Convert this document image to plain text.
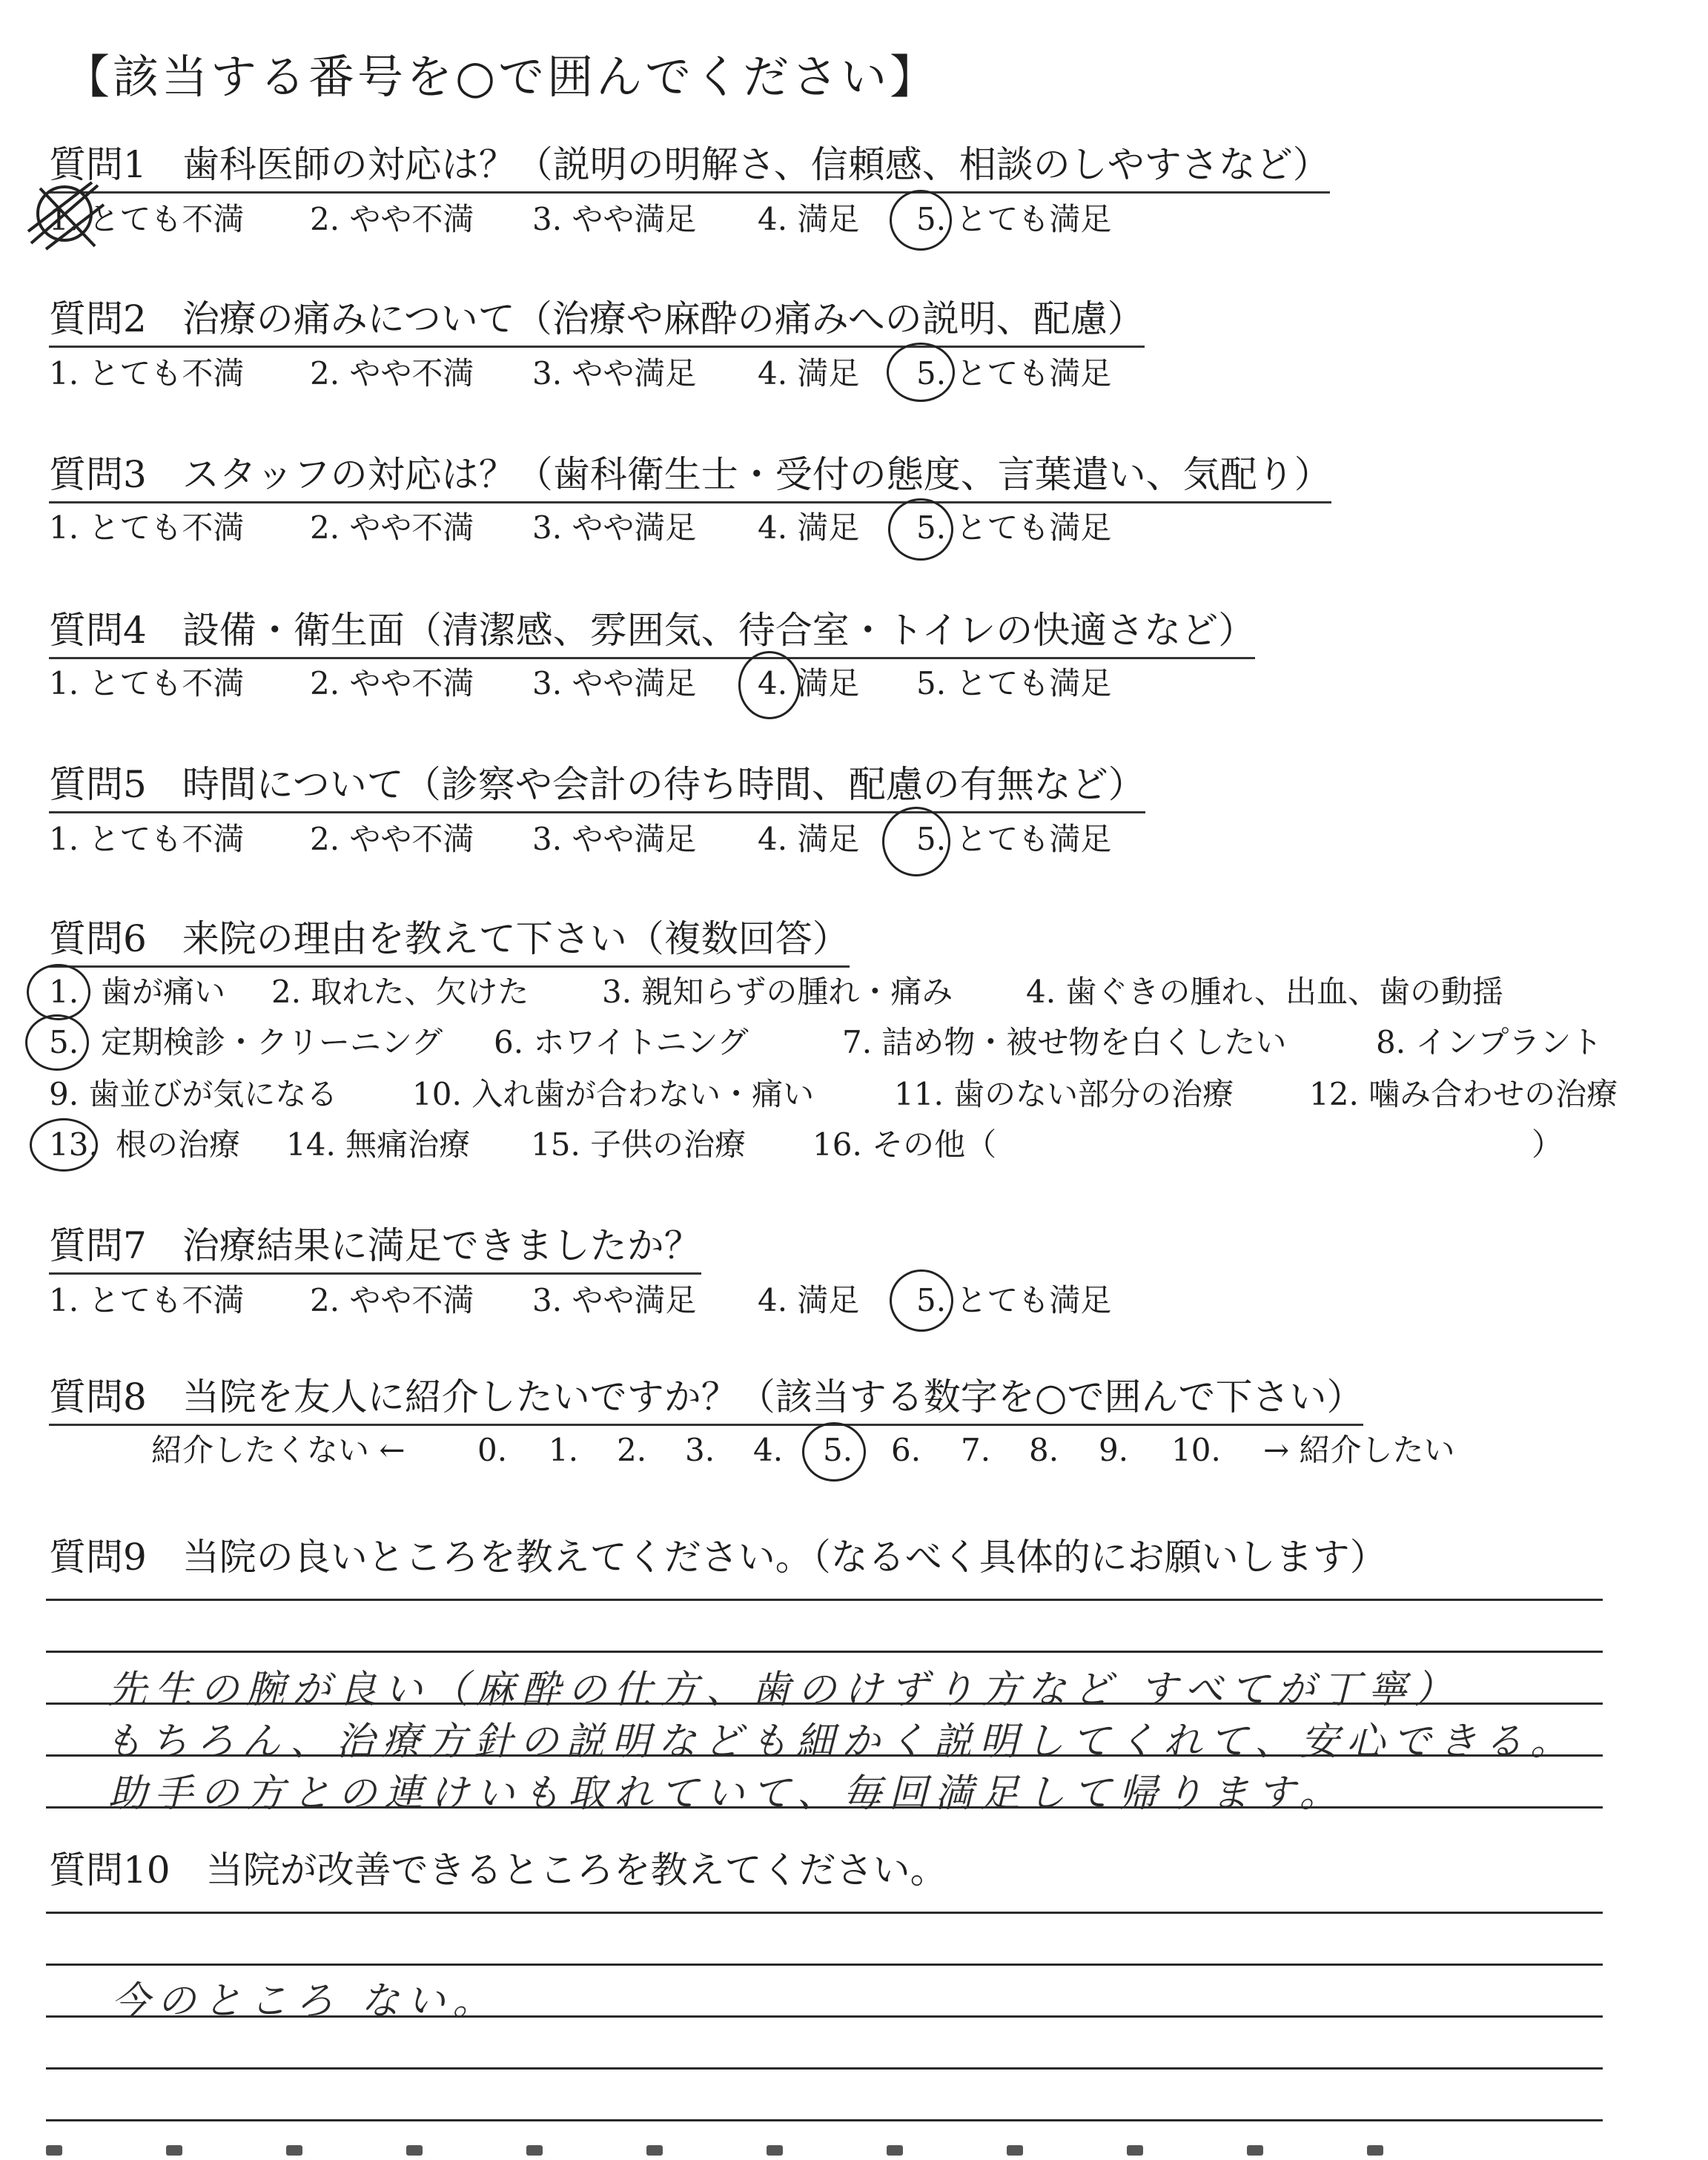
【該当する番号を○で囲んでください】
質問1 歯科医師の対応は？（説明の明解さ、信頼感、相談のしやすさなど）
1. とても不満 2. やや不満 3. やや満足 4. 満足 5. とても満足
質問2 治療の痛みについて（治療や麻酔の痛みへの説明、配慮）
1. とても不満 2. やや不満 3. やや満足 4. 満足 5. とても満足
質問3 スタッフの対応は？（歯科衛生士・受付の態度、言葉遣い、気配り）
1. とても不満 2. やや不満 3. やや満足 4. 満足 5. とても満足
質問4 設備・衛生面（清潔感、雰囲気、待合室・トイレの快適さなど）
1. とても不満 2. やや不満 3. やや満足 4. 満足 5. とても満足
質問5 時間について（診察や会計の待ち時間、配慮の有無など）
1. とても不満 2. やや不満 3. やや満足 4. 満足 5. とても満足
質問6 来院の理由を教えて下さい（複数回答）
1. 歯が痛い 2. 取れた、欠けた 3. 親知らずの腫れ・痛み 4. 歯ぐきの腫れ、出血、歯の動揺
5. 定期検診・クリーニング 6. ホワイトニング	7. 詰め物・被せ物を白くしたい	8. インプラント
9. 歯並びが気になる 10. 入れ歯が合わない・痛い	11. 歯のない部分の治療 12. 噛み合わせの治療
13. 根の治療 14. 無痛治療 15. 子供の治療 16. その他（	）
質問7 治療結果に満足できましたか？
1. とても不満 2. やや不満 3. やや満足 4. 満足 5. とても満足
質問8 当院を友人に紹介したいですか？（該当する数字を○で囲んで下さい）
紹介したくない ← 0. 1. 2. 3. 4. 5. 6. 7. 8. 9. 10. → 紹介したい
質問9 当院の良いところを教えてください。（なるべく具体的にお願いします）
先生の腕が良い（麻酔の仕方、歯のけずり方など すべてが丁寧）
もちろん、治療方針の説明なども細かく説明してくれて、安心できる。
助手の方との連けいも取れていて、毎回満足して帰ります。
質問10 当院が改善できるところを教えてください。
今のところ ない。
